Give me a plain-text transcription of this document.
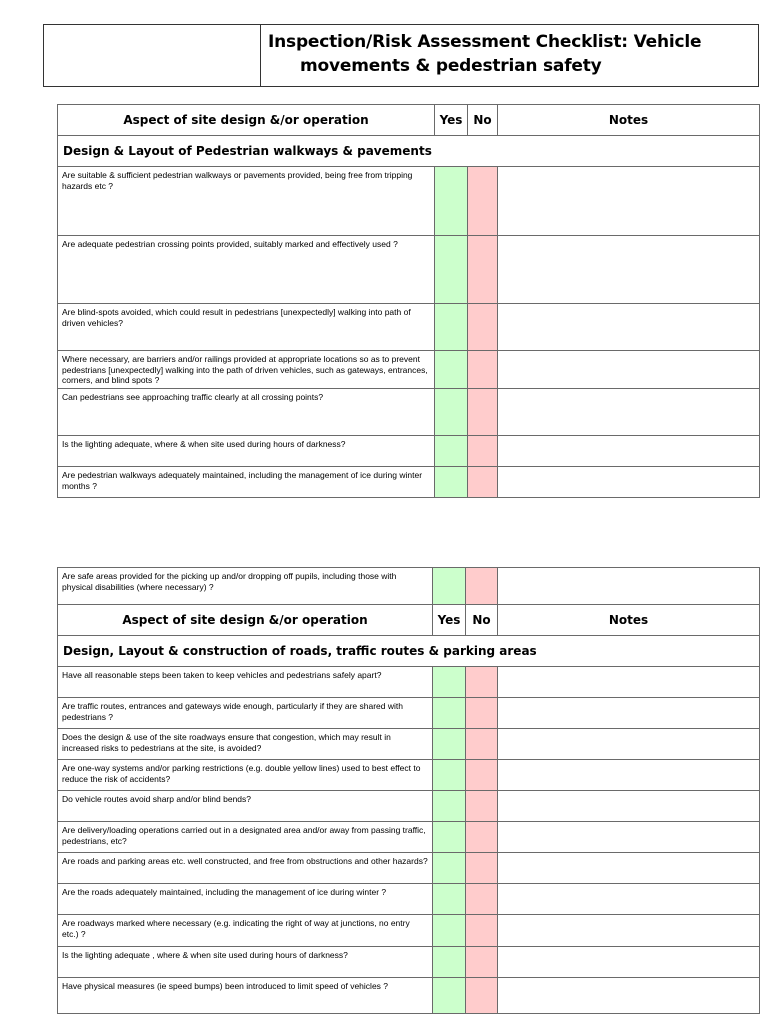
Inspection/Risk Assessment Checklist: Vehicle
movements & pedestrian safety
Aspect of site design &/or operation	Yes	No	Notes
Design & Layout of Pedestrian walkways & pavements			
Are suitable & sufficient pedestrian walkways or pavements provided, being free from tripping hazards etc ?			
Are adequate pedestrian crossing points provided, suitably marked and effectively used ?			
Are blind-spots avoided, which could result in pedestrians [unexpectedly] walking into path of driven vehicles?			
Where necessary, are barriers and/or railings provided at appropriate locations so as to prevent pedestrians [unexpectedly] walking into the path of driven vehicles, such as gateways, entrances, corners, and blind spots ?			
Can pedestrians see approaching traffic clearly at all crossing points?			
Is the lighting adequate, where & when site used during hours of darkness?			
Are pedestrian walkways adequately maintained, including the management of ice during winter months ?			
Are safe areas provided for the picking up and/or dropping off pupils, including those with physical disabilities (where necessary) ?			
Aspect of site design &/or operation	Yes	No	Notes
Design, Layout & construction of roads, traffic routes & parking areas			
Have all reasonable steps been taken to keep vehicles and pedestrians safely apart?			
Are traffic routes, entrances and gateways wide enough, particularly if they are shared with pedestrians ?			
Does the design & use of the site roadways ensure that congestion, which may result in increased risks to pedestrians at the site, is avoided?			
Are one-way systems and/or parking restrictions (e.g. double yellow lines) used to best effect to reduce the risk of accidents?			
Do vehicle routes avoid sharp and/or blind bends?			
Are delivery/loading operations carried out in a designated area and/or away from passing traffic, pedestrians, etc?			
Are roads and parking areas etc. well constructed, and free from obstructions and other hazards?			
Are the roads adequately maintained, including the management of ice during winter ?			
Are roadways marked where necessary (e.g. indicating the right of way at junctions, no entry etc.) ?			
Is the lighting adequate , where & when site used during hours of darkness?			
Have physical measures (ie speed bumps) been introduced to limit speed of vehicles ?			
